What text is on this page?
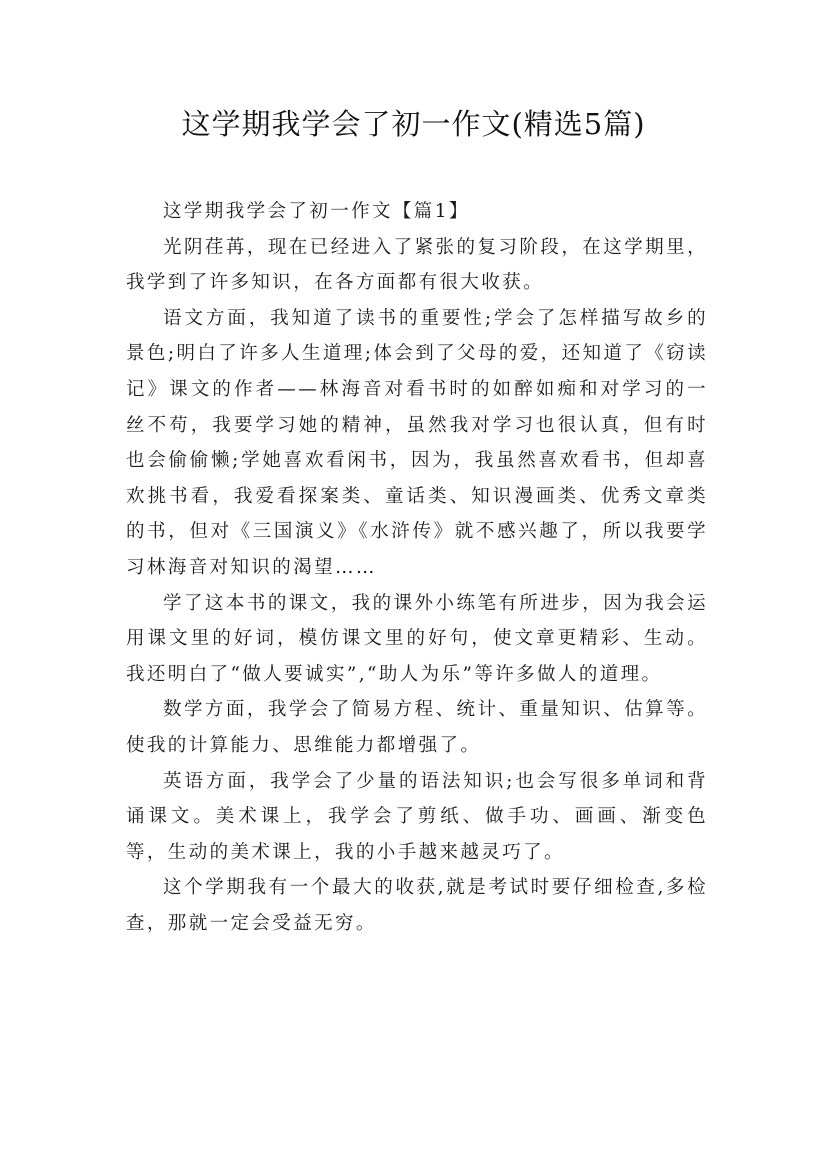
这学期我学会了初一作文(精选5篇)

这学期我学会了初一作文【篇1】

光阴荏苒，现在已经进入了紧张的复习阶段，在这学期里，我学到了许多知识，在各方面都有很大收获。

语文方面，我知道了读书的重要性;学会了怎样描写故乡的景色;明白了许多人生道理;体会到了父母的爱，还知道了《窃读记》课文的作者——林海音对看书时的如醉如痴和对学习的一丝不苟，我要学习她的精神，虽然我对学习也很认真，但有时也会偷偷懒;学她喜欢看闲书，因为，我虽然喜欢看书，但却喜欢挑书看，我爱看探案类、童话类、知识漫画类、优秀文章类的书，但对《三国演义》《水浒传》就不感兴趣了，所以我要学习林海音对知识的渴望……

学了这本书的课文，我的课外小练笔有所进步，因为我会运用课文里的好词，模仿课文里的好句，使文章更精彩、生动。我还明白了“做人要诚实”,“助人为乐”等许多做人的道理。

数学方面，我学会了简易方程、统计、重量知识、估算等。使我的计算能力、思维能力都增强了。

英语方面，我学会了少量的语法知识;也会写很多单词和背诵课文。美术课上，我学会了剪纸、做手功、画画、渐变色等，生动的美术课上，我的小手越来越灵巧了。

这个学期我有一个最大的收获,就是考试时要仔细检查,多检查，那就一定会受益无穷。
